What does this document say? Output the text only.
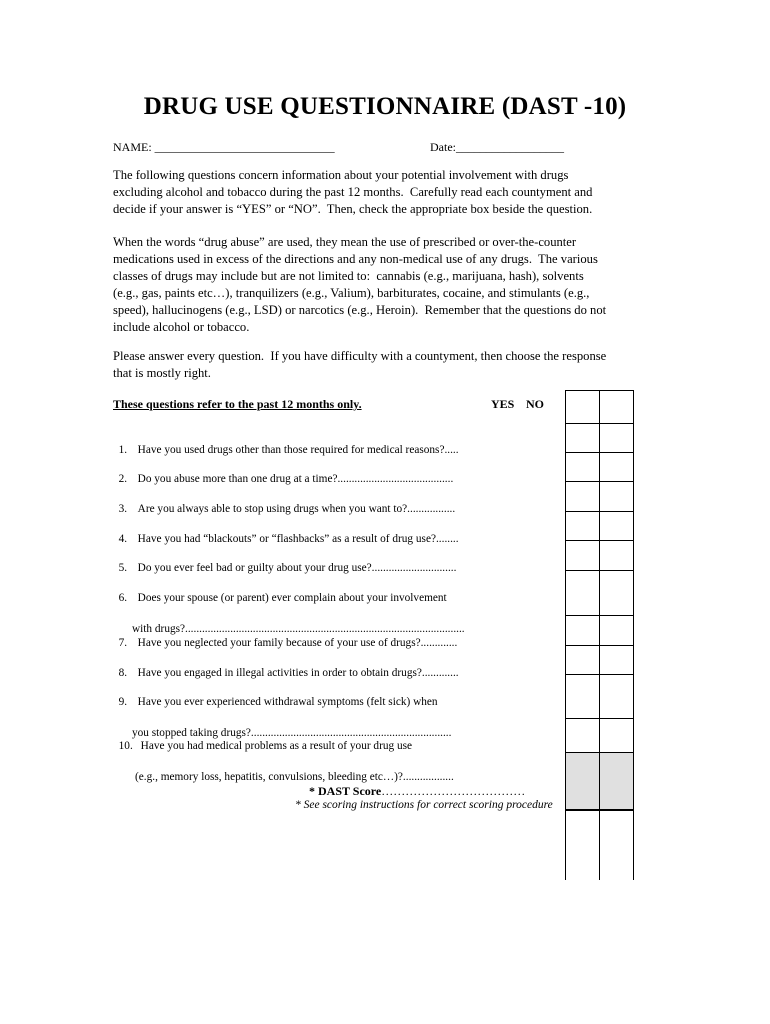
DRUG USE QUESTIONNAIRE (DAST -10)
NAME: ______________________________	Date:__________________
The following questions concern information about your potential involvement with drugs
excluding alcohol and tobacco during the past 12 months.  Carefully read each countyment and
decide if your answer is “YES” or “NO”.  Then, check the appropriate box beside the question.
When the words “drug abuse” are used, they mean the use of prescribed or over-the-counter
medications used in excess of the directions and any non-medical use of any drugs.  The various
classes of drugs may include but are not limited to:  cannabis (e.g., marijuana, hash), solvents
(e.g., gas, paints etc…), tranquilizers (e.g., Valium), barbiturates, cocaine, and stimulants (e.g.,
speed), hallucinogens (e.g., LSD) or narcotics (e.g., Heroin).  Remember that the questions do not
include alcohol or tobacco.
Please answer every question.  If you have difficulty with a countyment, then choose the response
that is mostly right.
These questions refer to the past 12 months only.	YES NO

1. Have you used drugs other than those required for medical reasons?.....

2. Do you abuse more than one drug at a time?.........................................

3. Are you always able to stop using drugs when you want to?.................

4. Have you had “blackouts” or “flashbacks” as a result of drug use?........

5. Do you ever feel bad or guilty about your drug use?..............................

6. Does your spouse (or parent) ever complain about your involvement

with drugs?...................................................................................................

7. Have you neglected your family because of your use of drugs?.............

8. Have you engaged in illegal activities in order to obtain drugs?.............

9. Have you ever experienced withdrawal symptoms (felt sick) when

you stopped taking drugs?.......................................................................

10. Have you had medical problems as a result of your drug use

(e.g., memory loss, hepatitis, convulsions, bleeding etc…)?..................

* DAST Score………………………………
* See scoring instructions for correct scoring procedure
